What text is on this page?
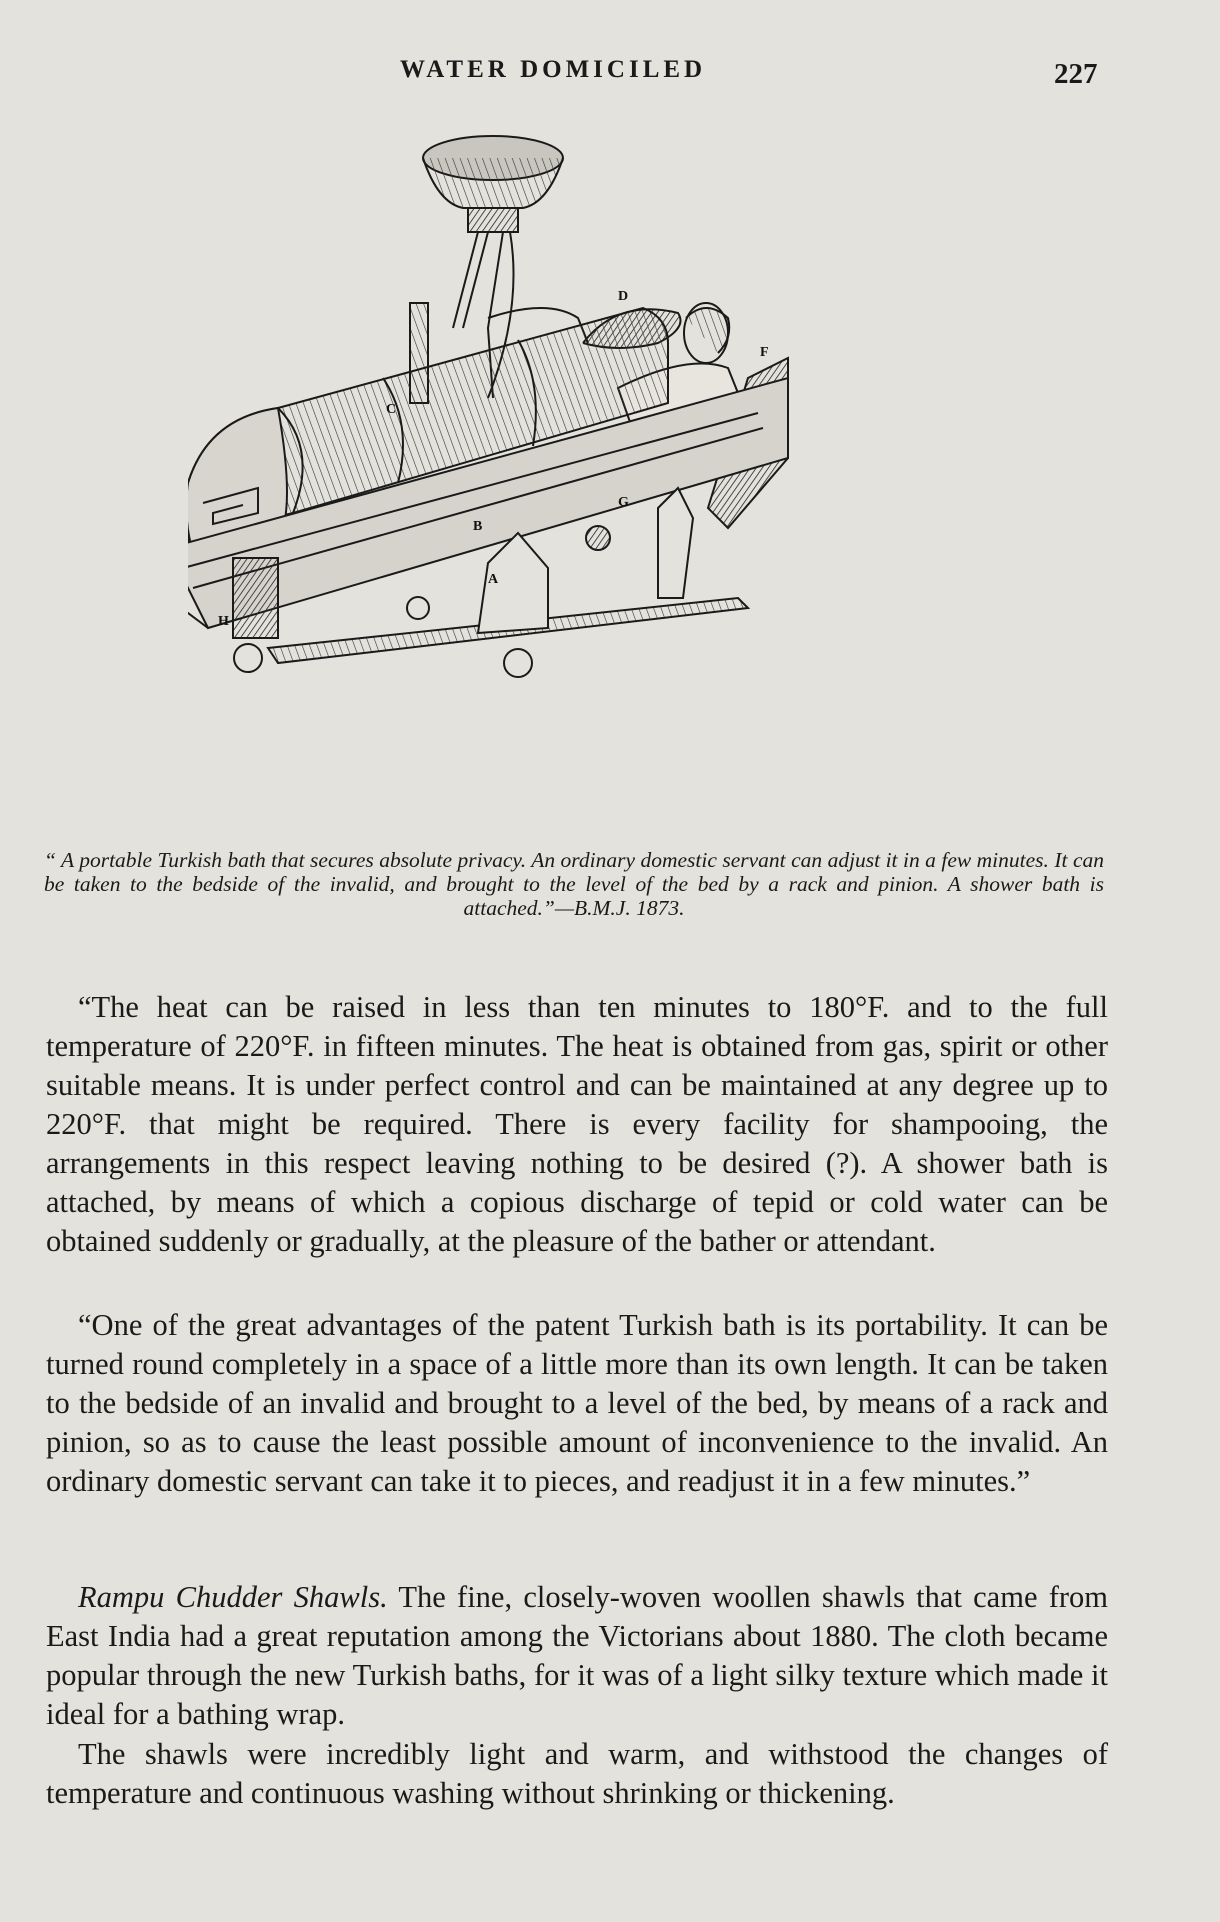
WATER DOMICILED	227
A
B
C
D
F
G
H
“ A portable Turkish bath that secures absolute privacy. An ordinary domestic servant can adjust it in a few minutes. It can be taken to the bedside of the invalid, and brought to the level of the bed by a rack and pinion. A shower bath is attached.”—B.M.J. 1873.

“The heat can be raised in less than ten minutes to 180°F. and to the full temperature of 220°F. in fifteen minutes. The heat is obtained from gas, spirit or other suitable means. It is under perfect control and can be maintained at any degree up to 220°F. that might be required. There is every facility for shampooing, the arrangements in this respect leaving nothing to be desired (?). A shower bath is attached, by means of which a copious discharge of tepid or cold water can be obtained suddenly or gradually, at the pleasure of the bather or attendant.

“One of the great advantages of the patent Turkish bath is its portability. It can be turned round completely in a space of a little more than its own length. It can be taken to the bedside of an invalid and brought to a level of the bed, by means of a rack and pinion, so as to cause the least possible amount of inconvenience to the invalid. An ordinary domestic servant can take it to pieces, and readjust it in a few minutes.”

Rampu Chudder Shawls. The fine, closely-woven woollen shawls that came from East India had a great reputation among the Victorians about 1880. The cloth became popular through the new Turkish baths, for it was of a light silky texture which made it ideal for a bathing wrap.

The shawls were incredibly light and warm, and withstood the changes of temperature and continuous washing without shrinking or thickening.
